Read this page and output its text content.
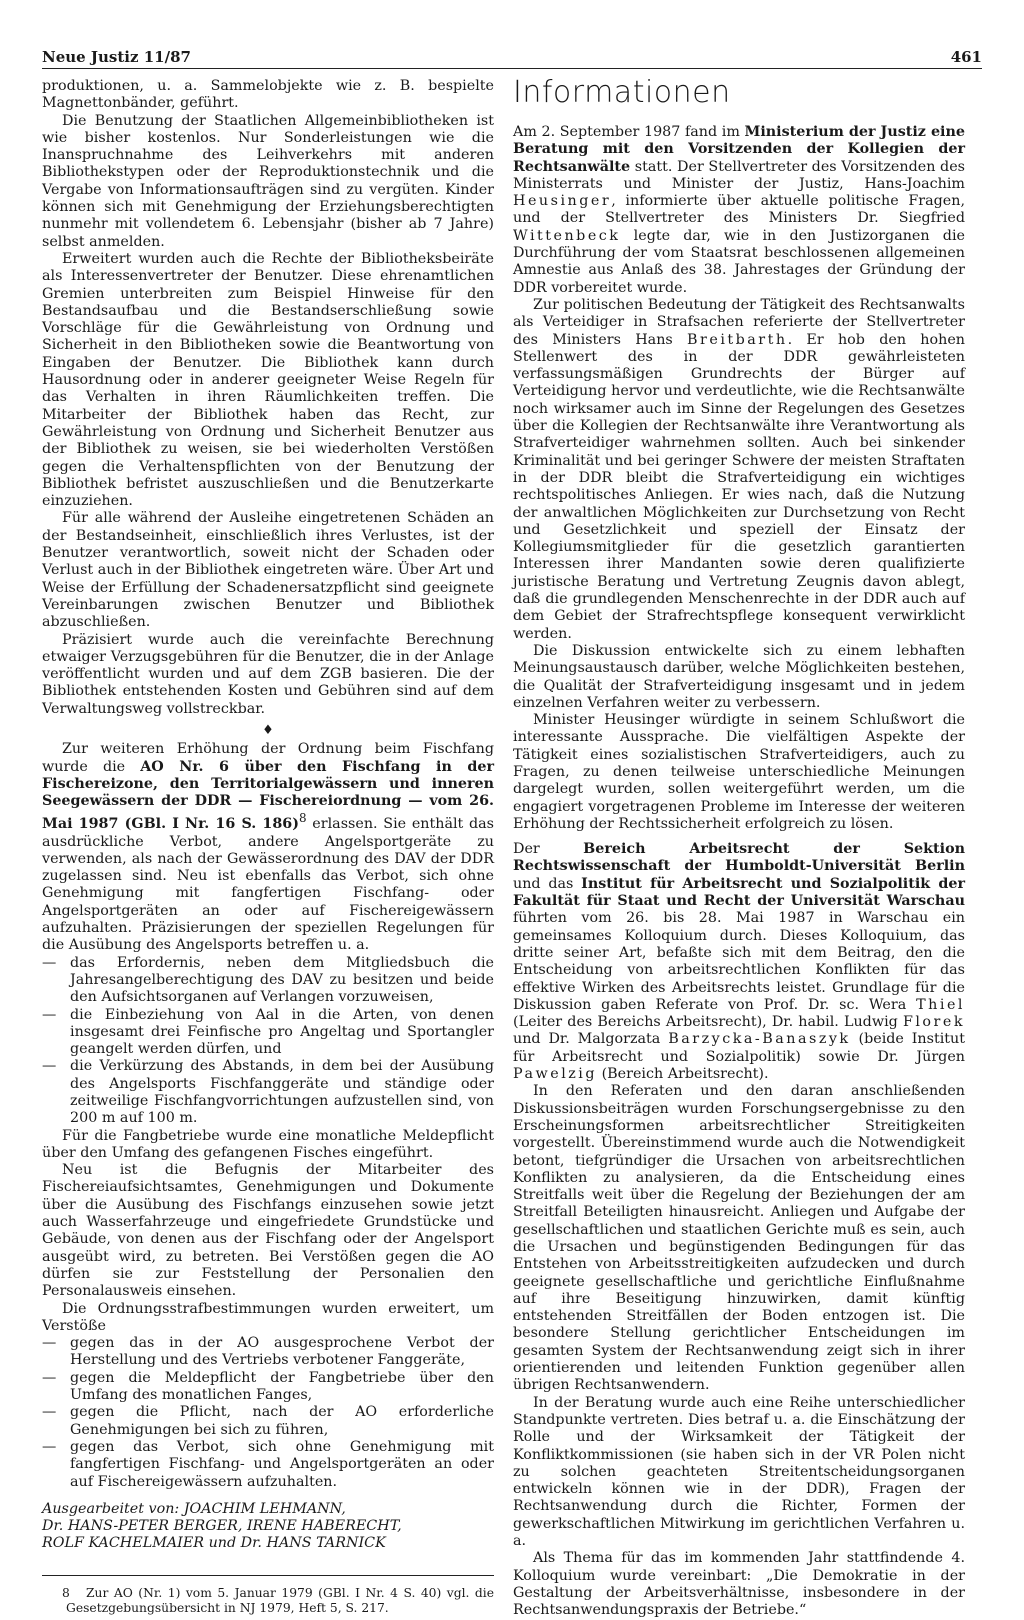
Neue Justiz 11/87	461

produktionen, u. a. Sammelobjekte wie z. B. bespielte Magnettonbänder, geführt.

Die Benutzung der Staatlichen Allgemeinbibliotheken ist wie bisher kostenlos. Nur Sonderleistungen wie die Inanspruchnahme des Leihverkehrs mit anderen Bibliothekstypen oder der Reproduktionstechnik und die Vergabe von Informationsaufträgen sind zu vergüten. Kinder können sich mit Genehmigung der Erziehungsberechtigten nunmehr mit vollendetem 6. Lebensjahr (bisher ab 7 Jahre) selbst anmelden.

Erweitert wurden auch die Rechte der Bibliotheksbeiräte als Interessenvertreter der Benutzer. Diese ehrenamtlichen Gremien unterbreiten zum Beispiel Hinweise für den Bestandsaufbau und die Bestandserschließung sowie Vorschläge für die Gewährleistung von Ordnung und Sicherheit in den Bibliotheken sowie die Beantwortung von Eingaben der Benutzer. Die Bibliothek kann durch Hausordnung oder in anderer geeigneter Weise Regeln für das Verhalten in ihren Räumlichkeiten treffen. Die Mitarbeiter der Bibliothek haben das Recht, zur Gewährleistung von Ordnung und Sicherheit Benutzer aus der Bibliothek zu weisen, sie bei wiederholten Verstößen gegen die Verhaltenspflichten von der Benutzung der Bibliothek befristet auszuschließen und die Benutzerkarte einzuziehen.

Für alle während der Ausleihe eingetretenen Schäden an der Bestandseinheit, einschließlich ihres Verlustes, ist der Benutzer verantwortlich, soweit nicht der Schaden oder Verlust auch in der Bibliothek eingetreten wäre. Über Art und Weise der Erfüllung der Schadenersatzpflicht sind geeignete Vereinbarungen zwischen Benutzer und Bibliothek abzuschließen.

Präzisiert wurde auch die vereinfachte Berechnung etwaiger Verzugsgebühren für die Benutzer, die in der Anlage veröffentlicht wurden und auf dem ZGB basieren. Die der Bibliothek entstehenden Kosten und Gebühren sind auf dem Verwaltungsweg vollstreckbar.

♦

Zur weiteren Erhöhung der Ordnung beim Fischfang wurde die AO Nr. 6 über den Fischfang in der Fischereizone, den Territorialgewässern und inneren Seegewässern der DDR — Fischereiordnung — vom 26. Mai 1987 (GBl. I Nr. 16 S. 186)$^8$ erlassen. Sie enthält das ausdrückliche Verbot, andere Angelsportgeräte zu verwenden, als nach der Gewässerordnung des DAV der DDR zugelassen sind. Neu ist ebenfalls das Verbot, sich ohne Genehmigung mit fangfertigen Fischfang- oder Angelsportgeräten an oder auf Fischereigewässern aufzuhalten. Präzisierungen der speziellen Regelungen für die Ausübung des Angelsports betreffen u. a.

— das Erfordernis, neben dem Mitgliedsbuch die Jahresangelberechtigung des DAV zu besitzen und beide den Aufsichtsorganen auf Verlangen vorzuweisen,
— die Einbeziehung von Aal in die Arten, von denen insgesamt drei Feinfische pro Angeltag und Sportangler geangelt werden dürfen, und
— die Verkürzung des Abstands, in dem bei der Ausübung des Angelsports Fischfanggeräte und ständige oder zeitweilige Fischfangvorrichtungen aufzustellen sind, von 200 m auf 100 m.

Für die Fangbetriebe wurde eine monatliche Meldepflicht über den Umfang des gefangenen Fisches eingeführt.

Neu ist die Befugnis der Mitarbeiter des Fischereiaufsichtsamtes, Genehmigungen und Dokumente über die Ausübung des Fischfangs einzusehen sowie jetzt auch Wasserfahrzeuge und eingefriedete Grundstücke und Gebäude, von denen aus der Fischfang oder der Angelsport ausgeübt wird, zu betreten. Bei Verstößen gegen die AO dürfen sie zur Feststellung der Personalien den Personalausweis einsehen.

Die Ordnungsstrafbestimmungen wurden erweitert, um Verstöße

— gegen das in der AO ausgesprochene Verbot der Herstellung und des Vertriebs verbotener Fanggeräte,
— gegen die Meldepflicht der Fangbetriebe über den Umfang des monatlichen Fanges,
— gegen die Pflicht, nach der AO erforderliche Genehmigungen bei sich zu führen,
— gegen das Verbot, sich ohne Genehmigung mit fangfertigen Fischfang- und Angelsportgeräten an oder auf Fischereigewässern aufzuhalten.
Ausgearbeitet von: JOACHIM LEHMANN,
Dr. HANS-PETER BERGER, IRENE HABERECHT,
ROLF KACHELMAIER und Dr. HANS TARNICK

8 Zur AO (Nr. 1) vom 5. Januar 1979 (GBl. I Nr. 4 S. 40) vgl. die Gesetzgebungsübersicht in NJ 1979, Heft 5, S. 217.

Informationen

Am 2. September 1987 fand im Ministerium der Justiz eine Beratung mit den Vorsitzenden der Kollegien der Rechtsanwälte statt. Der Stellvertreter des Vorsitzenden des Ministerrats und Minister der Justiz, Hans-Joachim Heusinger, informierte über aktuelle politische Fragen, und der Stellvertreter des Ministers Dr. Siegfried Wittenbeck legte dar, wie in den Justizorganen die Durchführung der vom Staatsrat beschlossenen allgemeinen Amnestie aus Anlaß des 38. Jahrestages der Gründung der DDR vorbereitet wurde.

Zur politischen Bedeutung der Tätigkeit des Rechtsanwalts als Verteidiger in Strafsachen referierte der Stellvertreter des Ministers Hans Breitbarth. Er hob den hohen Stellenwert des in der DDR gewährleisteten verfassungsmäßigen Grundrechts der Bürger auf Verteidigung hervor und verdeutlichte, wie die Rechtsanwälte noch wirksamer auch im Sinne der Regelungen des Gesetzes über die Kollegien der Rechtsanwälte ihre Verantwortung als Strafverteidiger wahrnehmen sollten. Auch bei sinkender Kriminalität und bei geringer Schwere der meisten Straftaten in der DDR bleibt die Strafverteidigung ein wichtiges rechtspolitisches Anliegen. Er wies nach, daß die Nutzung der anwaltlichen Möglichkeiten zur Durchsetzung von Recht und Gesetzlichkeit und speziell der Einsatz der Kollegiumsmitglieder für die gesetzlich garantierten Interessen ihrer Mandanten sowie deren qualifizierte juristische Beratung und Vertretung Zeugnis davon ablegt, daß die grundlegenden Menschenrechte in der DDR auch auf dem Gebiet der Strafrechtspflege konsequent verwirklicht werden.

Die Diskussion entwickelte sich zu einem lebhaften Meinungsaustausch darüber, welche Möglichkeiten bestehen, die Qualität der Strafverteidigung insgesamt und in jedem einzelnen Verfahren weiter zu verbessern.

Minister Heusinger würdigte in seinem Schlußwort die interessante Aussprache. Die vielfältigen Aspekte der Tätigkeit eines sozialistischen Strafverteidigers, auch zu Fragen, zu denen teilweise unterschiedliche Meinungen dargelegt wurden, sollen weitergeführt werden, um die engagiert vorgetragenen Probleme im Interesse der weiteren Erhöhung der Rechtssicherheit erfolgreich zu lösen.

Der Bereich Arbeitsrecht der Sektion Rechtswissenschaft der Humboldt-Universität Berlin und das Institut für Arbeitsrecht und Sozialpolitik der Fakultät für Staat und Recht der Universität Warschau führten vom 26. bis 28. Mai 1987 in Warschau ein gemeinsames Kolloquium durch. Dieses Kolloquium, das dritte seiner Art, befaßte sich mit dem Beitrag, den die Entscheidung von arbeitsrechtlichen Konflikten für das effektive Wirken des Arbeitsrechts leistet. Grundlage für die Diskussion gaben Referate von Prof. Dr. sc. Wera Thiel (Leiter des Bereichs Arbeitsrecht), Dr. habil. Ludwig Florek und Dr. Malgorzata Barzycka-Banaszyk (beide Institut für Arbeitsrecht und Sozialpolitik) sowie Dr. Jürgen Pawelzig (Bereich Arbeitsrecht).

In den Referaten und den daran anschließenden Diskussionsbeiträgen wurden Forschungsergebnisse zu den Erscheinungsformen arbeitsrechtlicher Streitigkeiten vorgestellt. Übereinstimmend wurde auch die Notwendigkeit betont, tiefgründiger die Ursachen von arbeitsrechtlichen Konflikten zu analysieren, da die Entscheidung eines Streitfalls weit über die Regelung der Beziehungen der am Streitfall Beteiligten hinausreicht. Anliegen und Aufgabe der gesellschaftlichen und staatlichen Gerichte muß es sein, auch die Ursachen und begünstigenden Bedingungen für das Entstehen von Arbeitsstreitigkeiten aufzudecken und durch geeignete gesellschaftliche und gerichtliche Einflußnahme auf ihre Beseitigung hinzuwirken, damit künftig entstehenden Streitfällen der Boden entzogen ist. Die besondere Stellung gerichtlicher Entscheidungen im gesamten System der Rechtsanwendung zeigt sich in ihrer orientierenden und leitenden Funktion gegenüber allen übrigen Rechtsanwendern.

In der Beratung wurde auch eine Reihe unterschiedlicher Standpunkte vertreten. Dies betraf u. a. die Einschätzung der Rolle und der Wirksamkeit der Tätigkeit der Konfliktkommissionen (sie haben sich in der VR Polen nicht zu solchen geachteten Streitentscheidungsorganen entwickeln können wie in der DDR), Fragen der Rechtsanwendung durch die Richter, Formen der gewerkschaftlichen Mitwirkung im gerichtlichen Verfahren u. a.

Als Thema für das im kommenden Jahr stattfindende 4. Kolloquium wurde vereinbart: „Die Demokratie in der Gestaltung der Arbeitsverhältnisse, insbesondere in der Rechtsanwendungspraxis der Betriebe.“
